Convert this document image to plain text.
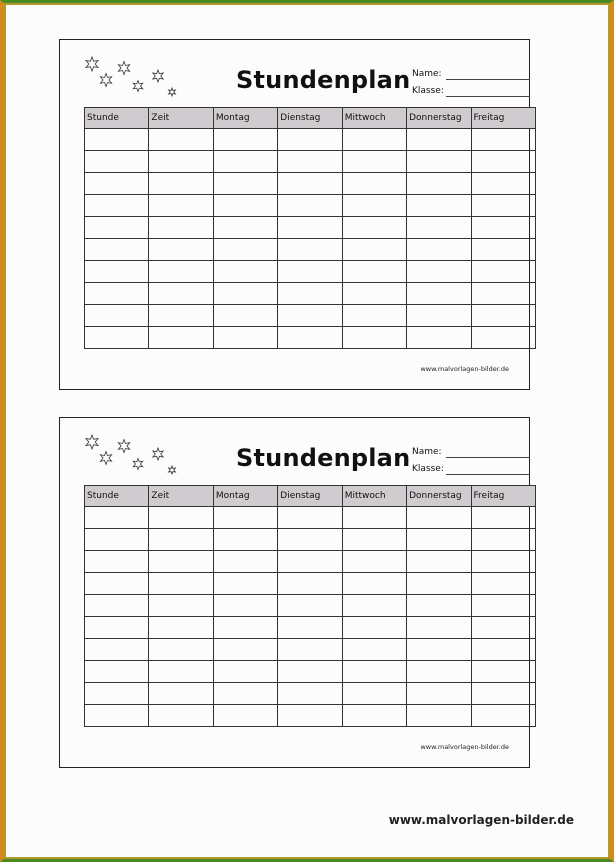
Stundenplan Name:
Klasse:
Stunde	Zeit	Montag	Dienstag	Mittwoch	Donnerstag	Freitag

www.malvorlagen-bilder.de
Stundenplan Name:
Klasse:
Stunde	Zeit	Montag	Dienstag	Mittwoch	Donnerstag	Freitag

www.malvorlagen-bilder.de
www.malvorlagen-bilder.de
